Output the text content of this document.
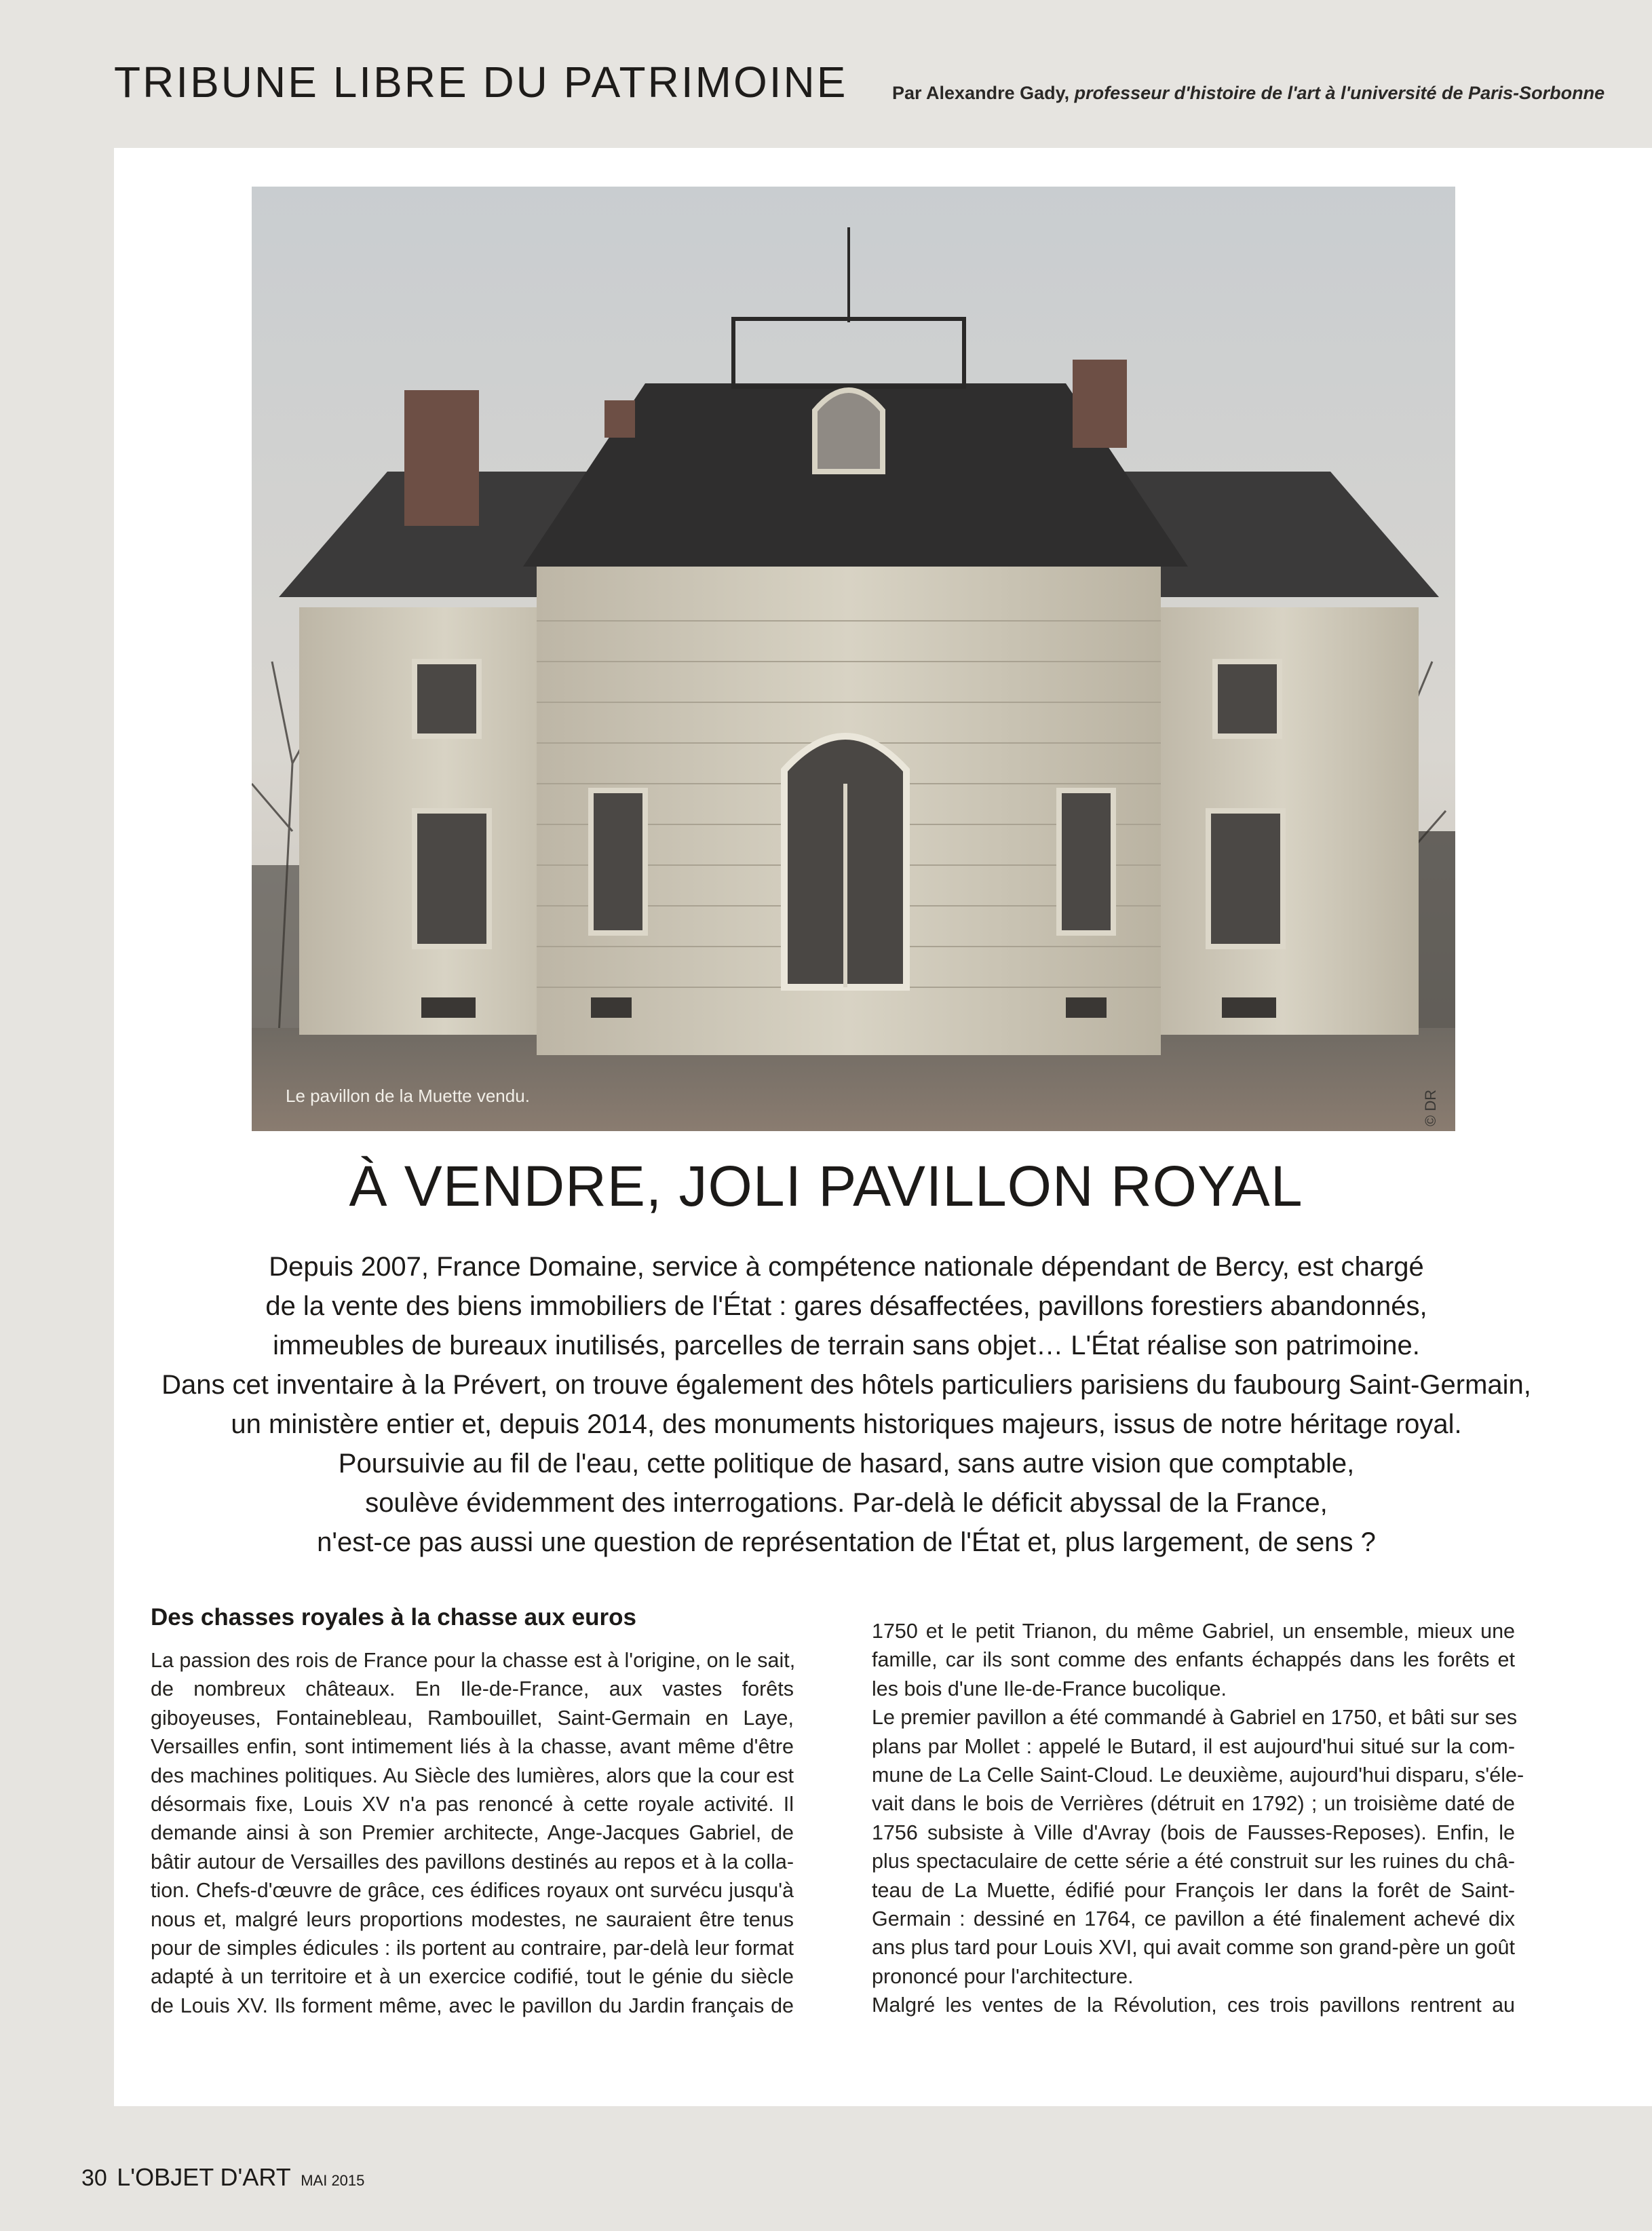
TRIBUNE LIBRE DU PATRIMOINE Par Alexandre Gady, professeur d'histoire de l'art à l'université de Paris-Sorbonne
Le pavillon de la Muette vendu.	© DR
À VENDRE, JOLI PAVILLON ROYAL
Depuis 2007, France Domaine, service à compétence nationale dépendant de Bercy, est chargé
de la vente des biens immobiliers de l'État : gares désaffectées, pavillons forestiers abandonnés,
immeubles de bureaux inutilisés, parcelles de terrain sans objet… L'État réalise son patrimoine.
Dans cet inventaire à la Prévert, on trouve également des hôtels particuliers parisiens du faubourg Saint-Germain,
un ministère entier et, depuis 2014, des monuments historiques majeurs, issus de notre héritage royal.
Poursuivie au fil de l'eau, cette politique de hasard, sans autre vision que comptable,
soulève évidemment des interrogations. Par-delà le déficit abyssal de la France,
n'est-ce pas aussi une question de représentation de l'État et, plus largement, de sens ?
Des chasses royales à la chasse aux euros
La passion des rois de France pour la chasse est à l'origine, on le sait,
de nombreux châteaux. En Ile-de-France, aux vastes forêts
giboyeuses, Fontainebleau, Rambouillet, Saint-Germain en Laye,
Versailles enfin, sont intimement liés à la chasse, avant même d'être
des machines politiques. Au Siècle des lumières, alors que la cour est
désormais fixe, Louis XV n'a pas renoncé à cette royale activité. Il
demande ainsi à son Premier architecte, Ange-Jacques Gabriel, de
bâtir autour de Versailles des pavillons destinés au repos et à la colla-
tion. Chefs-d'œuvre de grâce, ces édifices royaux ont survécu jusqu'à
nous et, malgré leurs proportions modestes, ne sauraient être tenus
pour de simples édicules : ils portent au contraire, par-delà leur format
adapté à un territoire et à un exercice codifié, tout le génie du siècle
de Louis XV. Ils forment même, avec le pavillon du Jardin français de
1750 et le petit Trianon, du même Gabriel, un ensemble, mieux une
famille, car ils sont comme des enfants échappés dans les forêts et
les bois d'une Ile-de-France bucolique.
Le premier pavillon a été commandé à Gabriel en 1750, et bâti sur ses
plans par Mollet : appelé le Butard, il est aujourd'hui situé sur la com-
mune de La Celle Saint-Cloud. Le deuxième, aujourd'hui disparu, s'éle-
vait dans le bois de Verrières (détruit en 1792) ; un troisième daté de
1756 subsiste à Ville d'Avray (bois de Fausses-Reposes). Enfin, le
plus spectaculaire de cette série a été construit sur les ruines du châ-
teau de La Muette, édifié pour François Ier dans la forêt de Saint-
Germain : dessiné en 1764, ce pavillon a été finalement achevé dix
ans plus tard pour Louis XVI, qui avait comme son grand-père un goût
prononcé pour l'architecture.
Malgré les ventes de la Révolution, ces trois pavillons rentrent au
30 L'OBJET D'ART MAI 2015
